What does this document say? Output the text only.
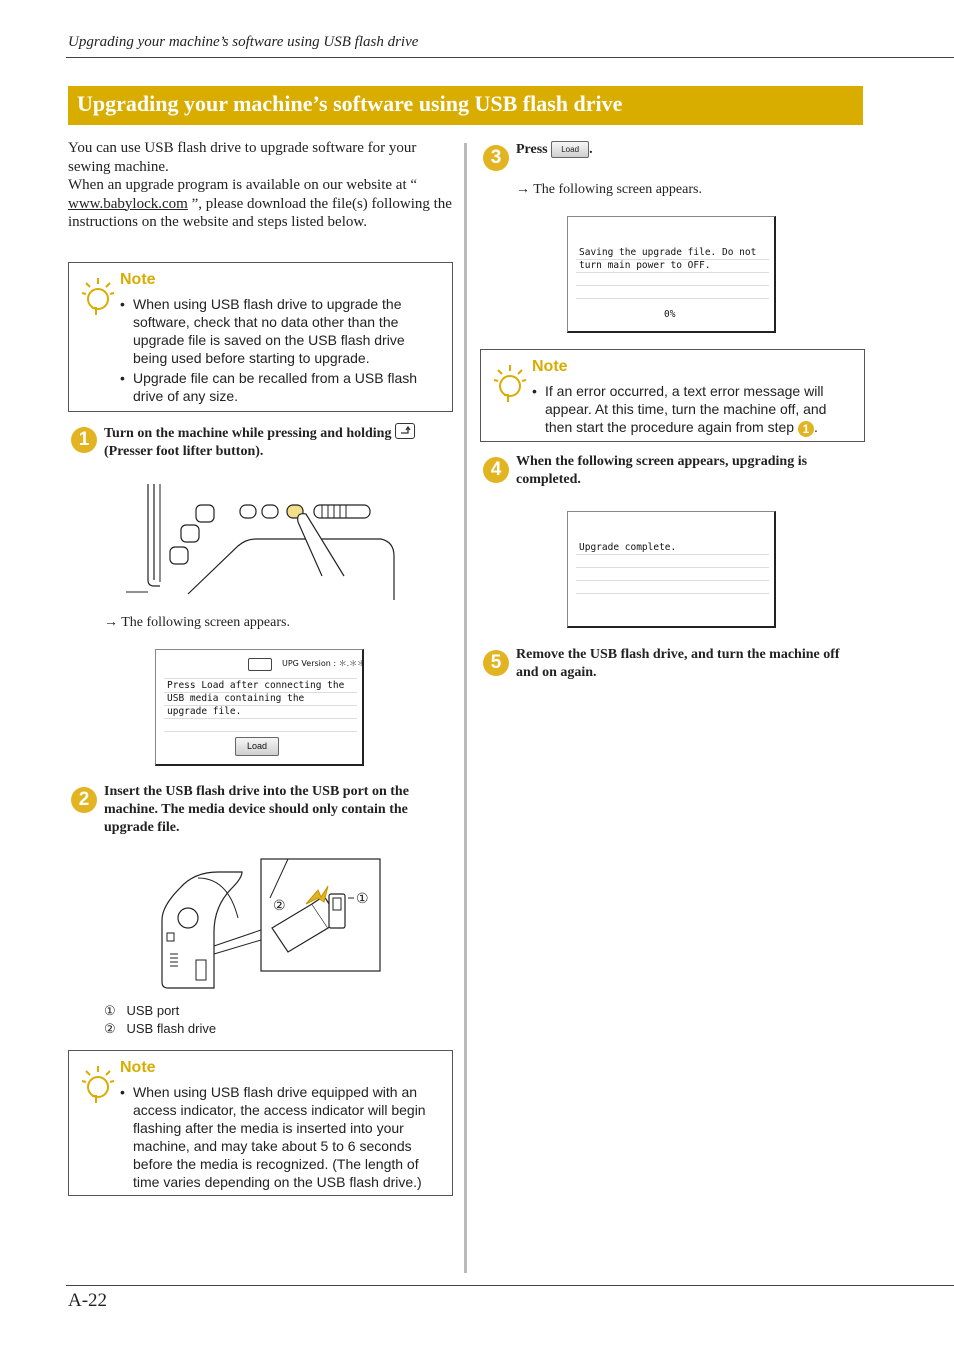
Upgrading your machine’s software using USB flash drive
Upgrading your machine’s software using USB flash drive
You can use USB flash drive to upgrade software for your sewing machine.
When an upgrade program is available on our website at “ www.babylock.com ”, please download the file(s) following the instructions on the website and steps listed below.
Note
• When using USB flash drive to upgrade the software, check that no data other than the upgrade file is saved on the USB flash drive being used before starting to upgrade.
• Upgrade file can be recalled from a USB flash drive of any size.
1	Turn on the machine while pressing and holding

(Presser foot lifter button).
→ The following screen appears.
UPG Version : ＊.＊＊
Press Load after connecting the
USB media containing the
upgrade file.
Load
2	Insert the USB flash drive into the USB port on the machine. The media device should only contain the upgrade file.
①
②
① USB port
② USB flash drive
Note
• When using USB flash drive equipped with an access indicator, the access indicator will begin flashing after the media is inserted into your machine, and may take about 5 to 6 seconds before the media is recognized. (The length of time varies depending on the USB flash drive.)
3	Press Load .
→ The following screen appears.
Saving the upgrade file. Do not
turn main power to OFF.
0%
Note
• If an error occurred, a text error message will appear. At this time, turn the machine off, and then start the procedure again from step 1 .
4	When the following screen appears, upgrading is completed.
Upgrade complete.
5	Remove the USB flash drive, and turn the machine off and on again.
A-22
